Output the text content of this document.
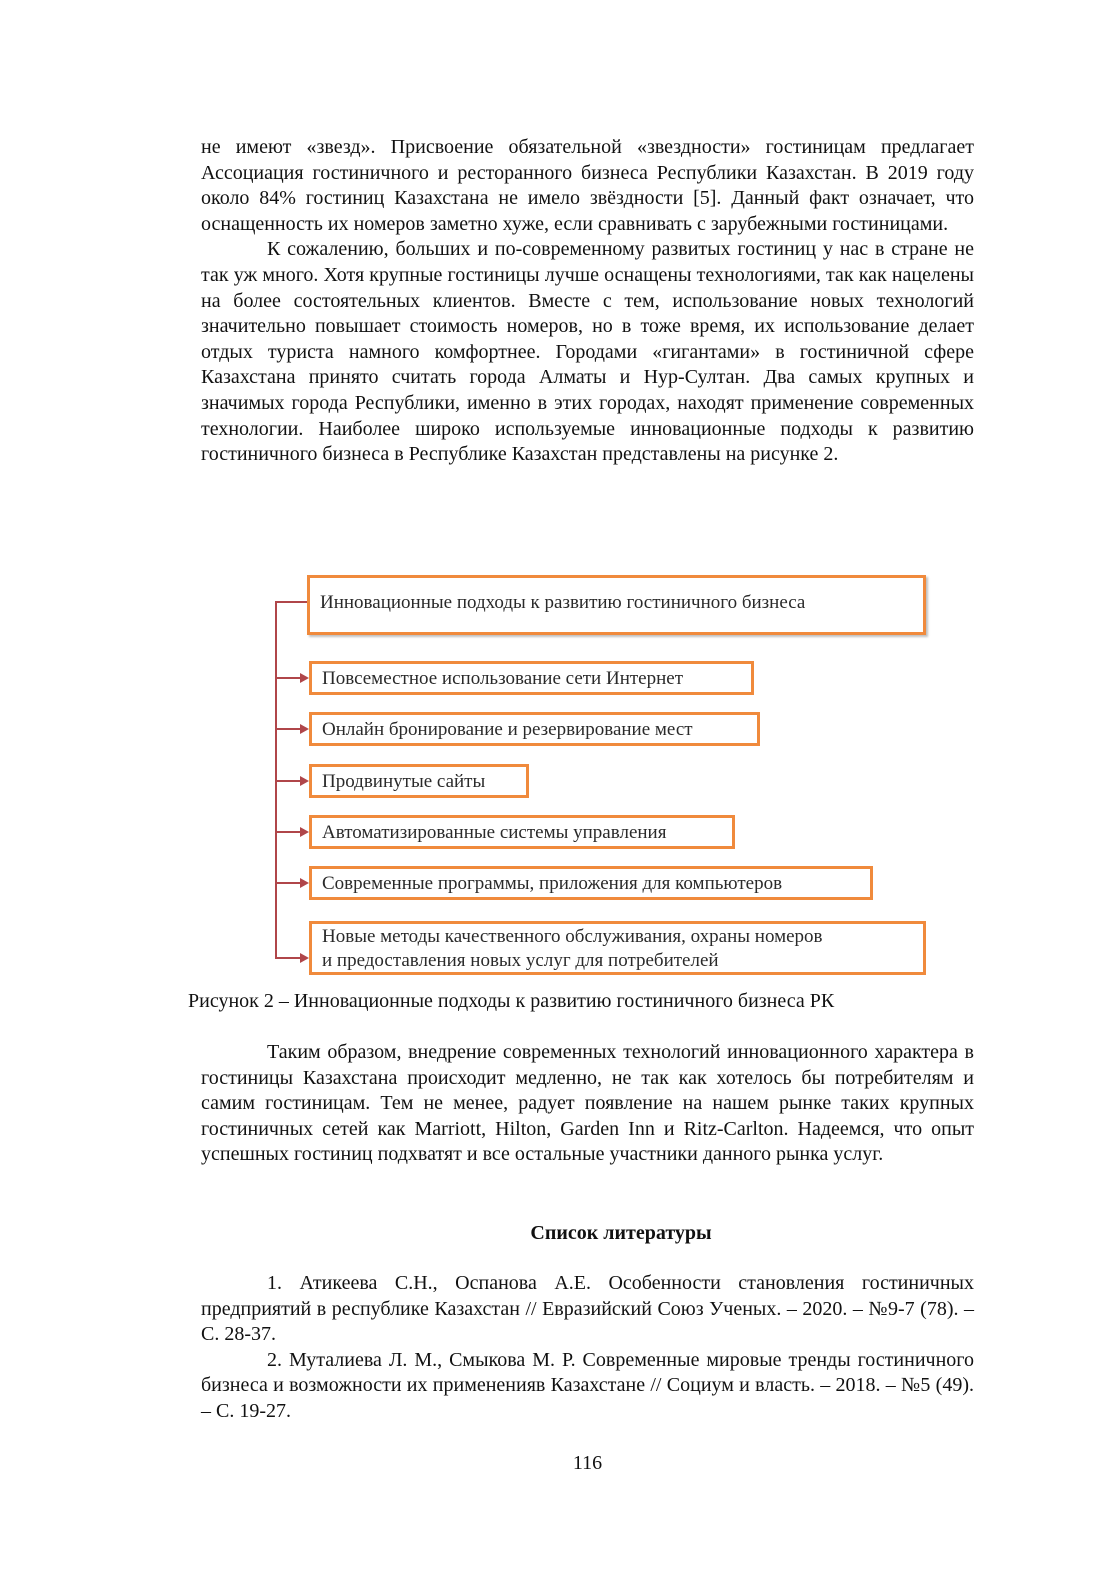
не имеют «звезд». Присвоение обязательной «звездности» гостиницам предлагает Ассоциация гостиничного и ресторанного бизнеса Республики Казахстан. В 2019 году около 84% гостиниц Казахстана не имело звёздности [5]. Данный факт означает, что оснащенность их номеров заметно хуже, если сравнивать с зарубежными гостиницами.

К сожалению, больших и по-современному развитых гостиниц у нас в стране не так уж много. Хотя крупные гостиницы лучше оснащены технологиями, так как нацелены на более состоятельных клиентов. Вместе с тем, использование новых технологий значительно повышает стоимость номеров, но в тоже время, их использование делает отдых туриста намного комфортнее. Городами «гигантами» в гостиничной сфере Казахстана принято считать города Алматы и Нур-Султан. Два самых крупных и значимых города Республики, именно в этих городах, находят применение современных технологии. Наиболее широко используемые инновационные подходы к развитию гостиничного бизнеса в Республике Казахстан представлены на рисунке 2.

Инновационные подходы к развитию гостиничного бизнеса
Повсеместное использование сети Интернет
Онлайн бронирование и резервирование мест
Продвинутые сайты
Автоматизированные системы управления
Современные программы, приложения для компьютеров
Новые методы качественного обслуживания, охраны номеров
и предоставления новых услуг для потребителей
Рисунок 2 – Инновационные подходы к развитию гостиничного бизнеса РК

Таким образом, внедрение современных технологий инновационного характера в гостиницы Казахстана происходит медленно, не так как хотелось бы потребителям и самим гостиницам. Тем не менее, радует появление на нашем рынке таких крупных гостиничных сетей как Marriott, Hilton, Garden Inn и Ritz-Carlton. Надеемся, что опыт успешных гостиниц подхватят и все остальные участники данного рынка услуг.

Список литературы

1. Атикеева С.Н., Оспанова А.Е. Особенности становления гостиничных предприятий в республике Казахстан // Евразийский Союз Ученых. – 2020. – №9-7 (78). – С. 28-37.

2. Муталиева Л. М., Смыкова М. Р. Современные мировые тренды гостиничного бизнеса и возможности их примененияв Казахстане // Социум и власть. – 2018. – №5 (49). – С. 19-27.

116
